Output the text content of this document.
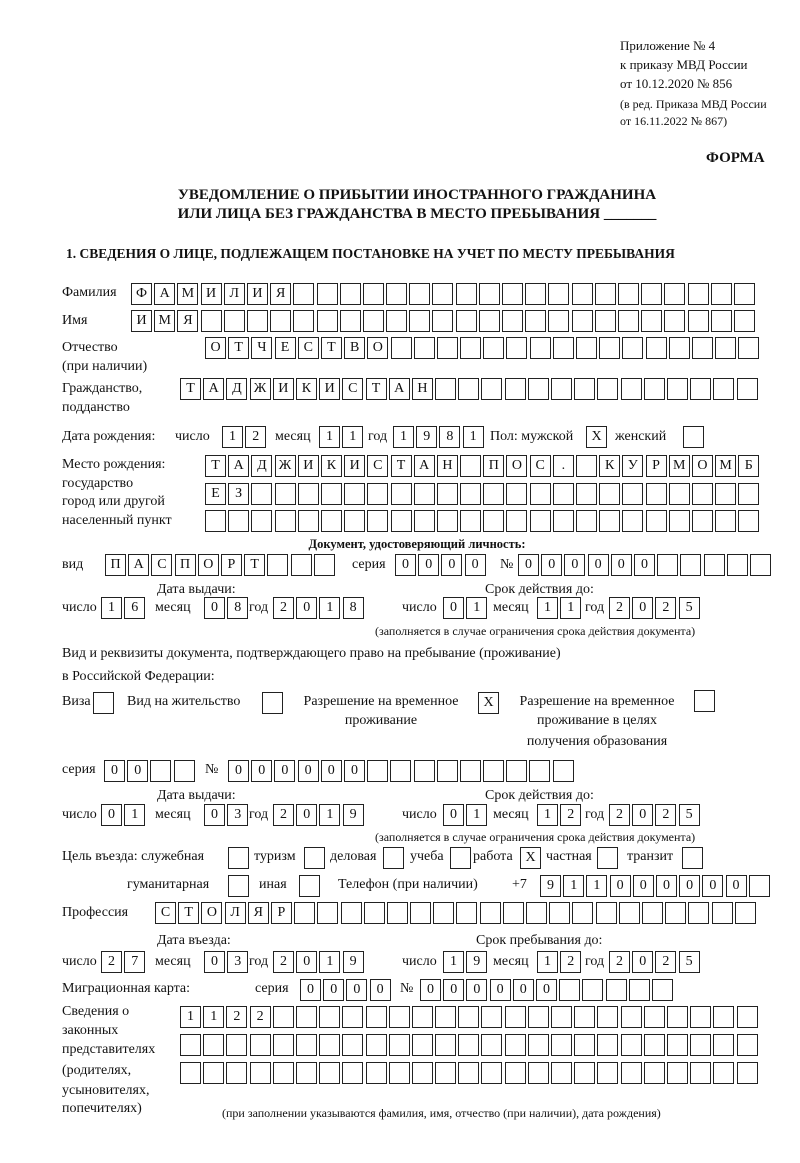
Приложение № 4
к приказу МВД России
от 10.12.2020 № 856
(в ред. Приказа МВД России
от 16.11.2022 № 867)
ФОРМА
УВЕДОМЛЕНИЕ О ПРИБЫТИИ ИНОСТРАННОГО ГРАЖДАНИНА
ИЛИ ЛИЦА БЕЗ ГРАЖДАНСТВА В МЕСТО ПРЕБЫВАНИЯ _______
1. СВЕДЕНИЯ О ЛИЦЕ, ПОДЛЕЖАЩЕМ ПОСТАНОВКЕ НА УЧЕТ ПО МЕСТУ ПРЕБЫВАНИЯ
Фамилия	Ф А М И Л И Я
Имя	И М Я
Отчество
(при наличии)
О Т	Ч	Е	С	Т	В О
Гражданство,
подданство
Т А Д Ж И К И С	Т А Н
Дата рождения: число	1	2	месяц	1	1 год 1	9	8	1 Пол: мужской	X женский
Место рождения:
государство
город или другой
населенный пункт
Т А Д Ж И К И С	Т А Н	П О С	.	К У	Р М О М Б
Е	З
Документ, удостоверяющий личность:
вид	П А С П О	Р	Т	серия	0	0	0	0	№ 0	0	0	0	0	0
Дата выдачи:	Срок действия до:
число 1	6	месяц	0	8 год 2	0	1	8	число 0	1 месяц	1	1 год 2	0	2	5
(заполняется в случае ограничения срока действия документа)
Вид и реквизиты документа, подтверждающего право на пребывание (проживание)
в Российской Федерации:
Виза	Вид на жительство	Разрешение на временное
проживание
X	Разрешение на временное
проживание в целях
получения образования
серия	0	0	№	0	0	0	0	0	0
Дата выдачи:	Срок действия до:
число 0	1	месяц	0	3 год 2	0	1	9	число 0	1 месяц	1	2 год 2	0	2	5
(заполняется в случае ограничения срока действия документа)
Цель въезда: служебная	туризм деловая учеба работа X частная	транзит
гуманитарная	иная	Телефон (при наличии) +7	9	1	1	0	0	0	0	0	0
Профессия	С	Т О Л Я	Р
Дата въезда:	Срок пребывания до:
число 2	7	месяц	0	3 год 2	0	1	9	число 1	9 месяц	1	2 год 2	0	2	5
Миграционная карта:	серия	0	0	0	0	№ 0	0	0	0	0	0
Сведения о
законных
представителях
(родителях,
усыновителях,
попечителях)
1	1	2	2
(при заполнении указываются фамилия, имя, отчество (при наличии), дата рождения)
